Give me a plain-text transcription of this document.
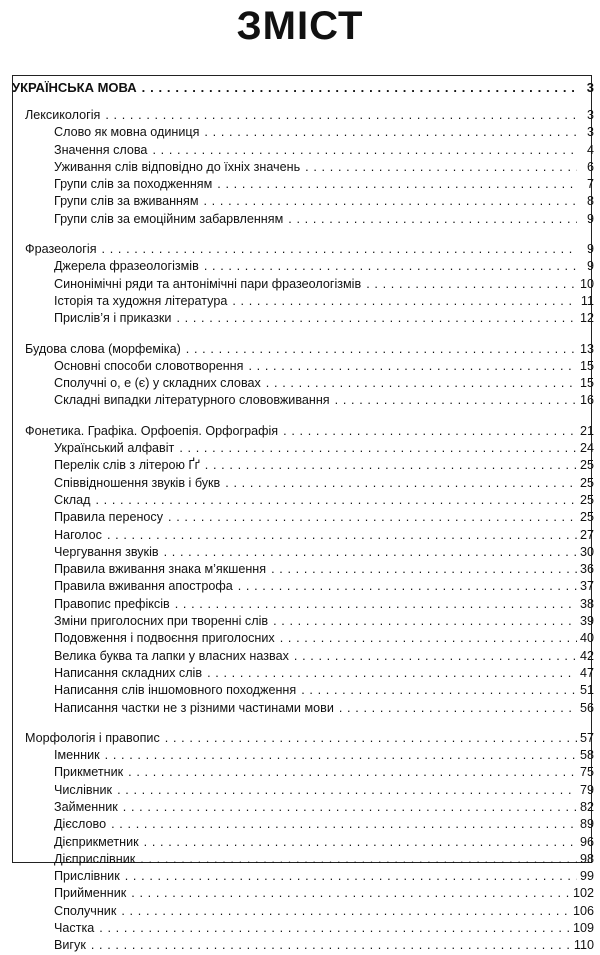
ЗМІСТ
УКРАЇНСЬКА МОВА . . .	3
Лексикологія . . .	3
Слово як мовна одиниця . . .	3
Значення слова . . .	4
Уживання слів відповідно до їхніх значень . . .	6
Групи слів за походженням . . .	7
Групи слів за вживанням . . .	8
Групи слів за емоційним забарвленням . . .	9
Фразеологія . . .	9
Джерела фразеологізмів . . .	9
Синонімічні ряди та антонімічні пари фразеологізмів . . .	10
Історія та художня література . . .	11
Прислів’я і приказки . . .	12
Будова слова (морфеміка) . . .	13
Основні способи словотворення . . .	15
Сполучні о, е (є) у складних словах . . .	15
Складні випадки літературного слововживання . . .	16
Фонетика. Графіка. Орфоепія. Орфографія . . .	21
Український алфавіт . . .	24
Перелік слів з літерою Ґґ . . .	25
Співвідношення звуків і букв . . .	25
Склад . . .	25
Правила переносу . . .	25
Наголос . . .	27
Чергування звуків . . .	30
Правила вживання знака м’якшення . . .	36
Правила вживання апострофа . . .	37
Правопис префіксів . . .	38
Зміни приголосних при творенні слів . . .	39
Подовження і подвоєння приголосних . . .	40
Велика буква та лапки у власних назвах . . .	42
Написання складних слів . . .	47
Написання слів іншомовного походження . . .	51
Написання частки не з різними частинами мови . . .	56
Морфологія і правопис . . .	57
Іменник . . .	58
Прикметник . . .	75
Числівник . . .	79
Займенник . . .	82
Дієслово . . .	89
Дієприкметник . . .	96
Дієприслівник . . .	98
Прислівник . . .	99
Прийменник . . .	102
Сполучник . . .	106
Частка . . .	109
Вигук . . .	110
